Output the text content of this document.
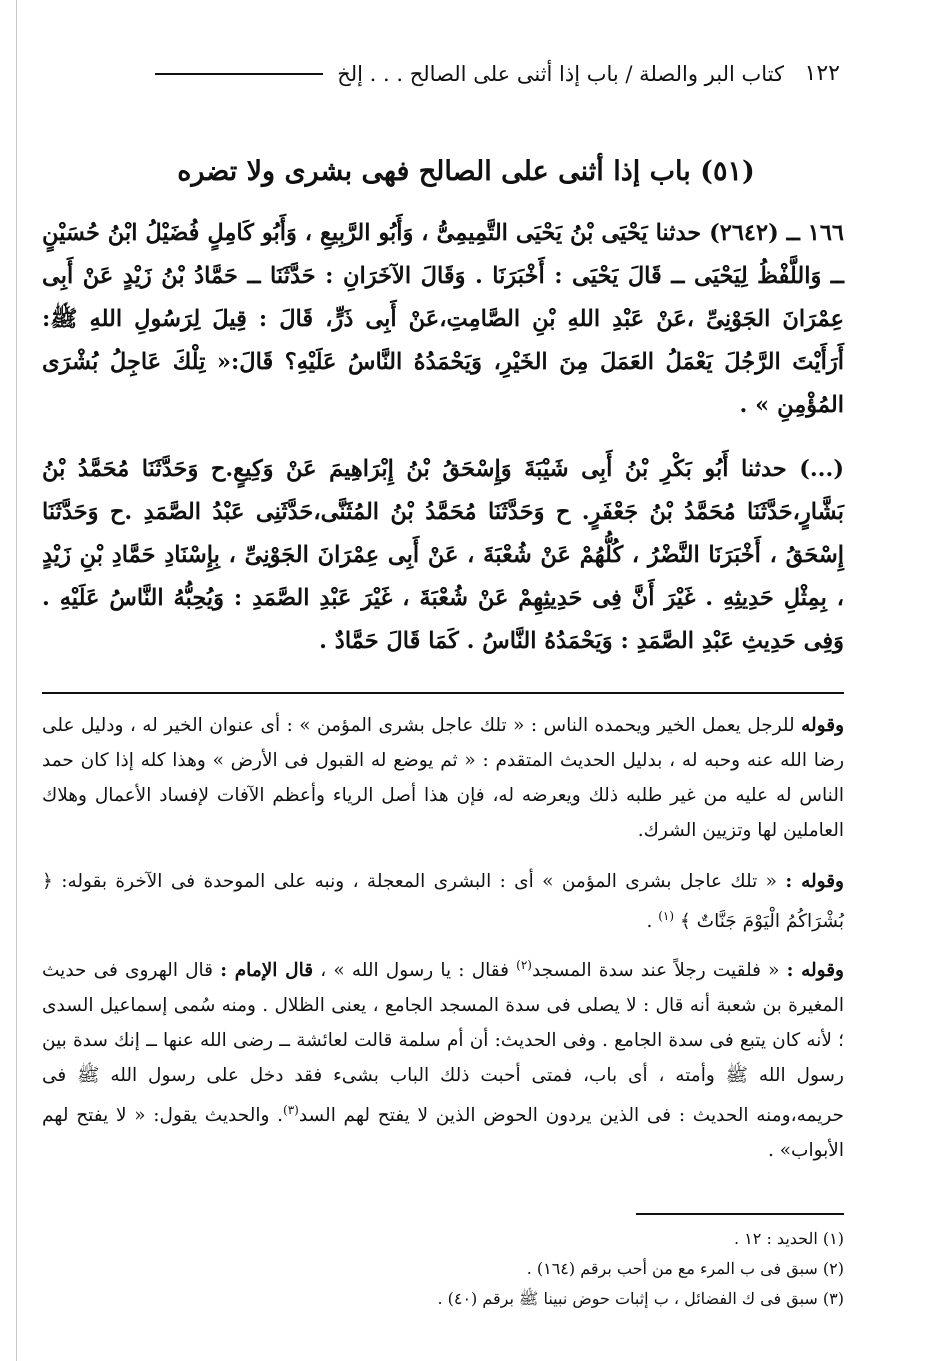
١٢٢
كتاب البر والصلة / باب إذا أثنى على الصالح . . . إلخ
(٥١) باب إذا أثنى على الصالح فهى بشرى ولا تضره

١٦٦ ــ (٢٦٤٢) حدثنا يَحْيَى بْنُ يَحْيَى التَّمِيمِىُّ ، وَأَبُو الرَّبِيعِ ، وَأَبُو كَامِلٍ فُضَيْلُ ابْنُ حُسَيْنٍ ــ وَاللَّفْظُ لِيَحْيَى ــ قَالَ يَحْيَى : أَخْبَرَنَا . وَقَالَ الآخَرَانِ : حَدَّثَنَا ــ حَمَّادُ بْنُ زَيْدٍ عَنْ أَبِى عِمْرَانَ الجَوْنِىِّ ،عَنْ عَبْدِ اللهِ بْنِ الصَّامِتِ،عَنْ أَبِى ذَرٍّ، قَالَ : قِيلَ لِرَسُولِ اللهِ ﷺ: أَرَأَيْتَ الرَّجُلَ يَعْمَلُ العَمَلَ مِنَ الخَيْرِ، وَيَحْمَدُهُ النَّاسُ عَلَيْهِ؟ قَالَ:« تِلْكَ عَاجِلُ بُشْرَى المُؤْمِنِ » .

(...) حدثنا أَبُو بَكْرِ بْنُ أَبِى شَيْبَةَ وَإِسْحَقُ بْنُ إِبْرَاهِيمَ عَنْ وَكِيعٍ.ح وَحَدَّثَنَا مُحَمَّدُ بْنُ بَشَّارٍ،حَدَّثَنَا مُحَمَّدُ بْنُ جَعْفَرٍ. ح وَحَدَّثَنَا مُحَمَّدُ بْنُ المُثَنَّى،حَدَّثَنِى عَبْدُ الصَّمَدِ .ح وَحَدَّثَنَا إِسْحَقُ ، أَخْبَرَنَا النَّضْرُ ، كُلُّهُمْ عَنْ شُعْبَةَ ، عَنْ أَبِى عِمْرَانَ الجَوْنِىِّ ، بِإِسْنَادِ حَمَّادِ بْنِ زَيْدٍ ، بِمِثْلِ حَدِيثِهِ . غَيْرَ أَنَّ فِى حَدِيثِهِمْ عَنْ شُعْبَةَ ، غَيْرَ عَبْدِ الصَّمَدِ : وَيُحِبُّهُ النَّاسُ عَلَيْهِ . وَفِى حَدِيثِ عَبْدِ الصَّمَدِ : وَيَحْمَدُهُ النَّاسُ . كَمَا قَالَ حَمَّادٌ .

وقوله للرجل يعمل الخير ويحمده الناس : « تلك عاجل بشرى المؤمن » : أى عنوان الخير له ، ودليل على رضا الله عنه وحبه له ، بدليل الحديث المتقدم : « ثم يوضع له القبول فى الأرض » وهذا كله إذا كان حمد الناس له عليه من غير طلبه ذلك ويعرضه له، فإن هذا أصل الرياء وأعظم الآفات لإفساد الأعمال وهلاك العاملين لها وتزيين الشرك.

وقوله : « تلك عاجل بشرى المؤمن » أى : البشرى المعجلة ، ونبه على الموحدة فى الآخرة بقوله: ﴿ بُشْرَاكُمُ الْيَوْمَ جَنَّاتٌ ﴾ $^{(١)}$ .

وقوله : « فلقيت رجلاً عند سدة المسجد$^{(٢)}$ فقال : يا رسول الله » ، قال الإمام : قال الهروى فى حديث المغيرة بن شعبة أنه قال : لا يصلى فى سدة المسجد الجامع ، يعنى الظلال . ومنه سُمى إسماعيل السدى ؛ لأنه كان يتبع فى سدة الجامع . وفى الحديث: أن أم سلمة قالت لعائشة ــ رضى الله عنها ــ إنك سدة بين رسول الله ﷺ وأمته ، أى باب، فمتى أحبت ذلك الباب بشىء فقد دخل على رسول الله ﷺ فى حريمه،ومنه الحديث : فى الذين يردون الحوض الذين لا يفتح لهم السد$^{(٣)}$. والحديث يقول: « لا يفتح لهم الأبواب» .

(١) الحديد : ١٢ .

(٢) سبق فى ب المرء مع من أحب برقم (١٦٤) .

(٣) سبق فى ك الفضائل ، ب إثبات حوض نبينا ﷺ برقم (٤٠) .
